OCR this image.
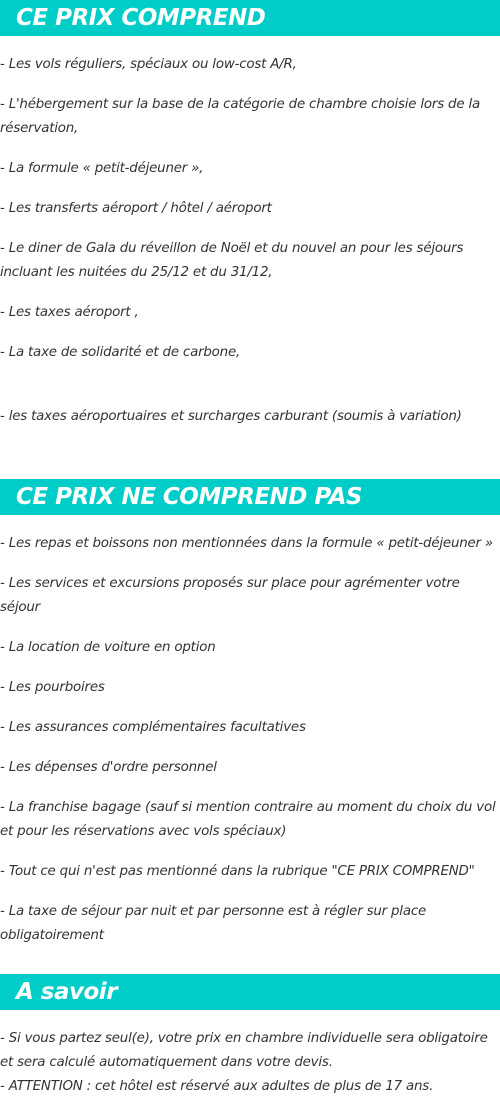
CE PRIX COMPREND

- Les vols réguliers, spéciaux ou low-cost A/R,

- L'hébergement sur la base de la catégorie de chambre choisie lors de la réservation,

- La formule « petit-déjeuner »,

- Les transferts aéroport / hôtel / aéroport

- Le diner de Gala du réveillon de Noël et du nouvel an pour les séjours incluant les nuitées du 25/12 et du 31/12,

- Les taxes aéroport ,

- La taxe de solidarité et de carbone,

- les taxes aéroportuaires et surcharges carburant (soumis à variation)

CE PRIX NE COMPREND PAS

- Les repas et boissons non mentionnées dans la formule « petit-déjeuner »

- Les services et excursions proposés sur place pour agrémenter votre séjour

- La location de voiture en option

- Les pourboires

- Les assurances complémentaires facultatives

- Les dépenses d'ordre personnel

- La franchise bagage (sauf si mention contraire au moment du choix du vol et pour les réservations avec vols spéciaux)

- Tout ce qui n'est pas mentionné dans la rubrique "CE PRIX COMPREND"

- La taxe de séjour par nuit et par personne est à régler sur place obligatoirement

A savoir

- Si vous partez seul(e), votre prix en chambre individuelle sera obligatoire et sera calculé automatiquement dans votre devis.

- ATTENTION : cet hôtel est réservé aux adultes de plus de 17 ans.
